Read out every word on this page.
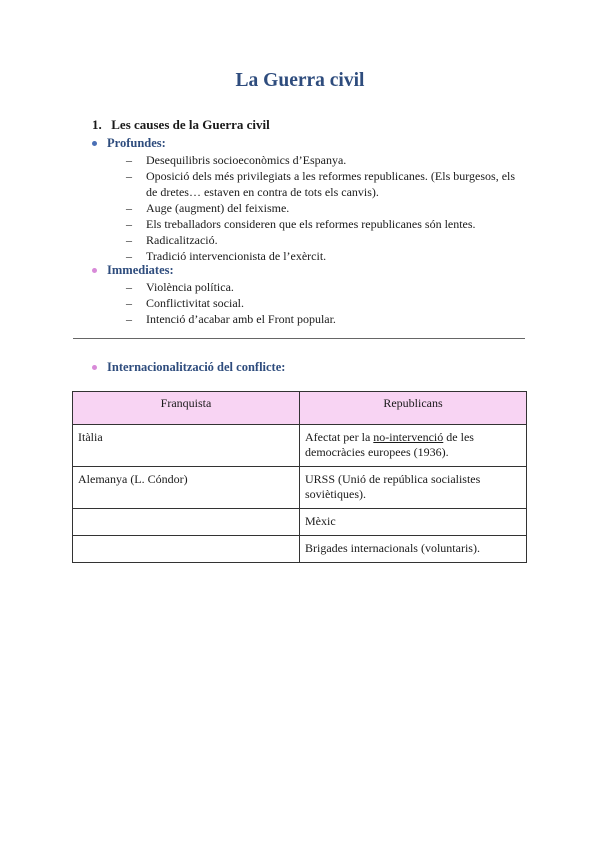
La Guerra civil
1. Les causes de la Guerra civil
Profundes:
– Desequilibris socioeconòmics d’Espanya.
– Oposició dels més privilegiats a les reformes republicanes. (Els burgesos, els de dretes… estaven en contra de tots els canvis).
– Auge (augment) del feixisme.
– Els treballadors consideren que els reformes republicanes són lentes.
– Radicalització.
– Tradició intervencionista de l’exèrcit.
Immediates:
– Violència política.
– Conflictivitat social.
– Intenció d’acabar amb el Front popular.
Internacionalització del conflicte:
Franquista	Republicans
Itàlia	Afectat per la no-intervenció de les democràcies europees (1936).
Alemanya (L. Cóndor)	URSS (Unió de república socialistes soviètiques).
	Mèxic
	Brigades internacionals (voluntaris).
